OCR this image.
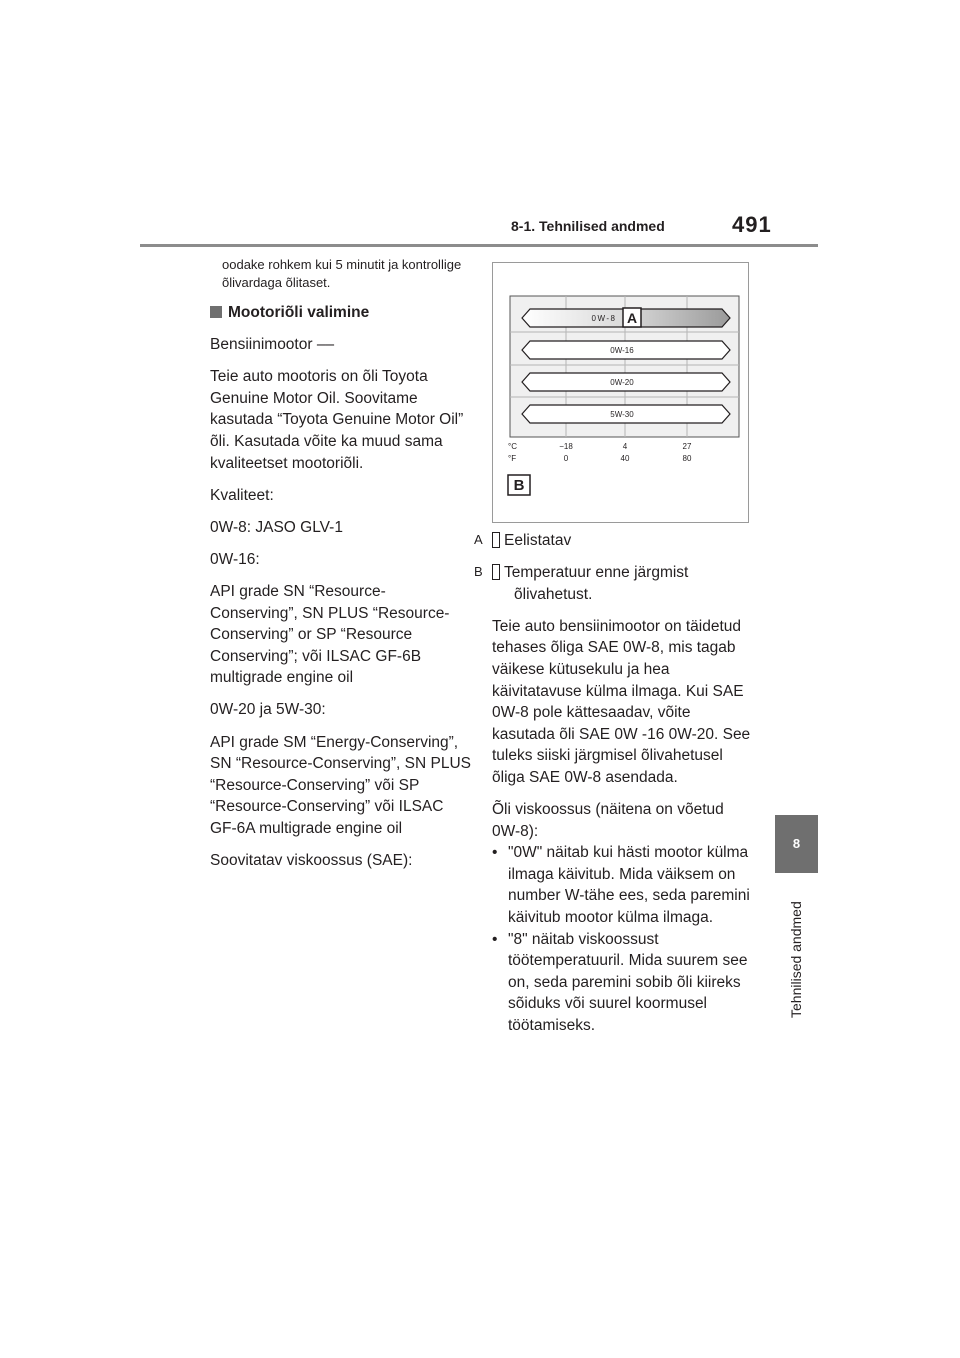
8-1. Tehnilised andmed	491
8
Tehnilised andmed

oodake rohkem kui 5 minutit ja kontrollige õlivardaga õlitaset.

Mootoriõli valimine

Bensiinimootor ––

Teie auto mootoris on õli Toyota Genuine Motor Oil. Soovitame kasutada “Toyota Genuine Motor Oil” õli. Kasutada võite ka muud sama kvaliteetset mootoriõli.

Kvaliteet:

0W-8: JASO GLV-1

0W-16:

API grade SN “Resource-Conserving”, SN PLUS “Resource-Conserving” or SP “Resource Conserving”; või ILSAC GF-6B multigrade engine oil

0W-20 ja 5W-30:

API grade SM “Energy-Conserving”, SN “Resource-Conserving”, SN PLUS “Resource-Conserving” või SP “Resource-Conserving” või ILSAC GF-6A multigrade engine oil

Soovitatav viskoossus (SAE):

0W-8 A
0W-16
0W-20
5W-30
°C
°F
−18	4	27
0	40	80
B

A Eelistatav

B Temperatuur enne järgmist õlivahetust.

Teie auto bensiinimootor on täidetud tehases õliga SAE 0W-8, mis tagab väikese kütusekulu ja hea käivitatavuse külma ilmaga. Kui SAE 0W-8 pole kättesaadav, võite kasutada õli SAE 0W -16 0W-20. See tuleks siiski järgmisel õlivahetusel õliga SAE 0W-8 asendada.

Õli viskoossus (näitena on võetud 0W-8):

• "0W" näitab kui hästi mootor külma ilmaga käivitub. Mida väiksem on number W-tähe ees, seda paremini käivitub mootor külma ilmaga.
• "8" näitab viskoossust töötemperatuuril. Mida suurem see on, seda paremini sobib õli kiireks sõiduks või suurel koormusel töötamiseks.
